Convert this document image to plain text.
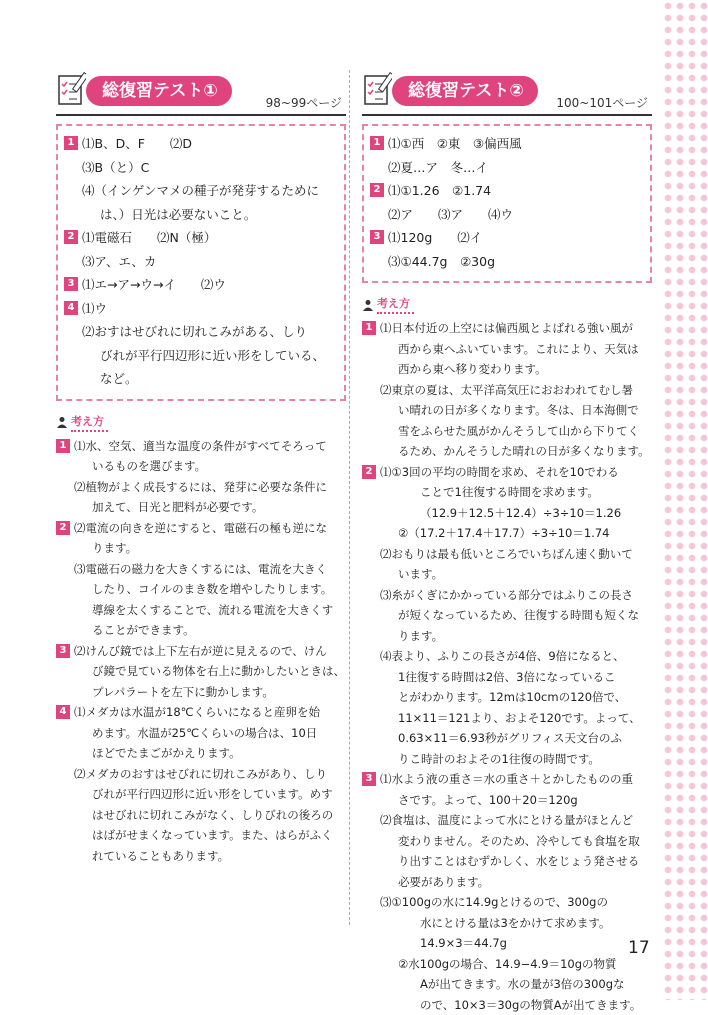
総復習テスト①
98~99ページ
1 ⑴B、D、F　　⑵D
⑶B（と）C
⑷（インゲンマメの種子が発芽するために
は、）日光は必要ないこと。
2 ⑴電磁石　　⑵N（極）
⑶ア、エ、カ
3 ⑴エ→ア→ウ→イ　　⑵ウ
4 ⑴ウ
⑵おすはせびれに切れこみがある、しり
びれが平行四辺形に近い形をしている、
など。
考え方
1 ⑴水、空気、適当な温度の条件がすべてそろって
いるものを選びます。
⑵植物がよく成長するには、発芽に必要な条件に
加えて、日光と肥料が必要です。
2 ⑵電流の向きを逆にすると、電磁石の極も逆にな
ります。
⑶電磁石の磁力を大きくするには、電流を大きく
したり、コイルのまき数を増やしたりします。
導線を太くすることで、流れる電流を大きくす
ることができます。
3 ⑵けんび鏡では上下左右が逆に見えるので、けん
び鏡で見ている物体を右上に動かしたいときは、
プレパラートを左下に動かします。
4 ⑴メダカは水温が18℃くらいになると産卵を始
めます。水温が25℃くらいの場合は、10日
ほどでたまごがかえります。
⑵メダカのおすはせびれに切れこみがあり、しり
びれが平行四辺形に近い形をしています。めす
はせびれに切れこみがなく、しりびれの後ろの
はばがせまくなっています。また、はらがふく
れていることもあります。
総復習テスト②
100~101ページ
1 ⑴①西　②東　③偏西風
⑵夏…ア　冬…イ
2 ⑴①1.26　②1.74
⑵ア　　⑶ア　　⑷ウ
3 ⑴120g　　⑵イ
⑶①44.7g　②30g
考え方
1 ⑴日本付近の上空には偏西風とよばれる強い風が
西から東へふいています。これにより、天気は
西から東へ移り変わります。
⑵東京の夏は、太平洋高気圧におおわれてむし暑
い晴れの日が多くなります。冬は、日本海側で
雪をふらせた風がかんそうして山から下りてく
るため、かんそうした晴れの日が多くなります。
2 ⑴①3回の平均の時間を求め、それを10でわる
ことで1往復する時間を求めます。
（12.9＋12.5＋12.4）÷3÷10＝1.26
②（17.2＋17.4＋17.7）÷3÷10＝1.74
⑵おもりは最も低いところでいちばん速く動いて
います。
⑶糸がくぎにかかっている部分ではふりこの長さ
が短くなっているため、往復する時間も短くな
ります。
⑷表より、ふりこの長さが4倍、9倍になると、
1往復する時間は2倍、3倍になっているこ
とがわかります。12mは10cmの120倍で、
11×11＝121より、およそ120です。よって、
0.63×11＝6.93秒がグリフィス天文台のふ
りこ時計のおよその1往復の時間です。
3 ⑴水よう液の重さ＝水の重さ＋とかしたものの重
さです。よって、100＋20＝120g
⑵食塩は、温度によって水にとける量がほとんど
変わりません。そのため、冷やしても食塩を取
り出すことはむずかしく、水をじょう発させる
必要があります。
⑶①100gの水に14.9gとけるので、300gの
水にとける量は3をかけて求めます。
14.9×3＝44.7g
②水100gの場合、14.9−4.9＝10gの物質
Aが出てきます。水の量が3倍の300gな
ので、10×3＝30gの物質Aが出てきます。
17
